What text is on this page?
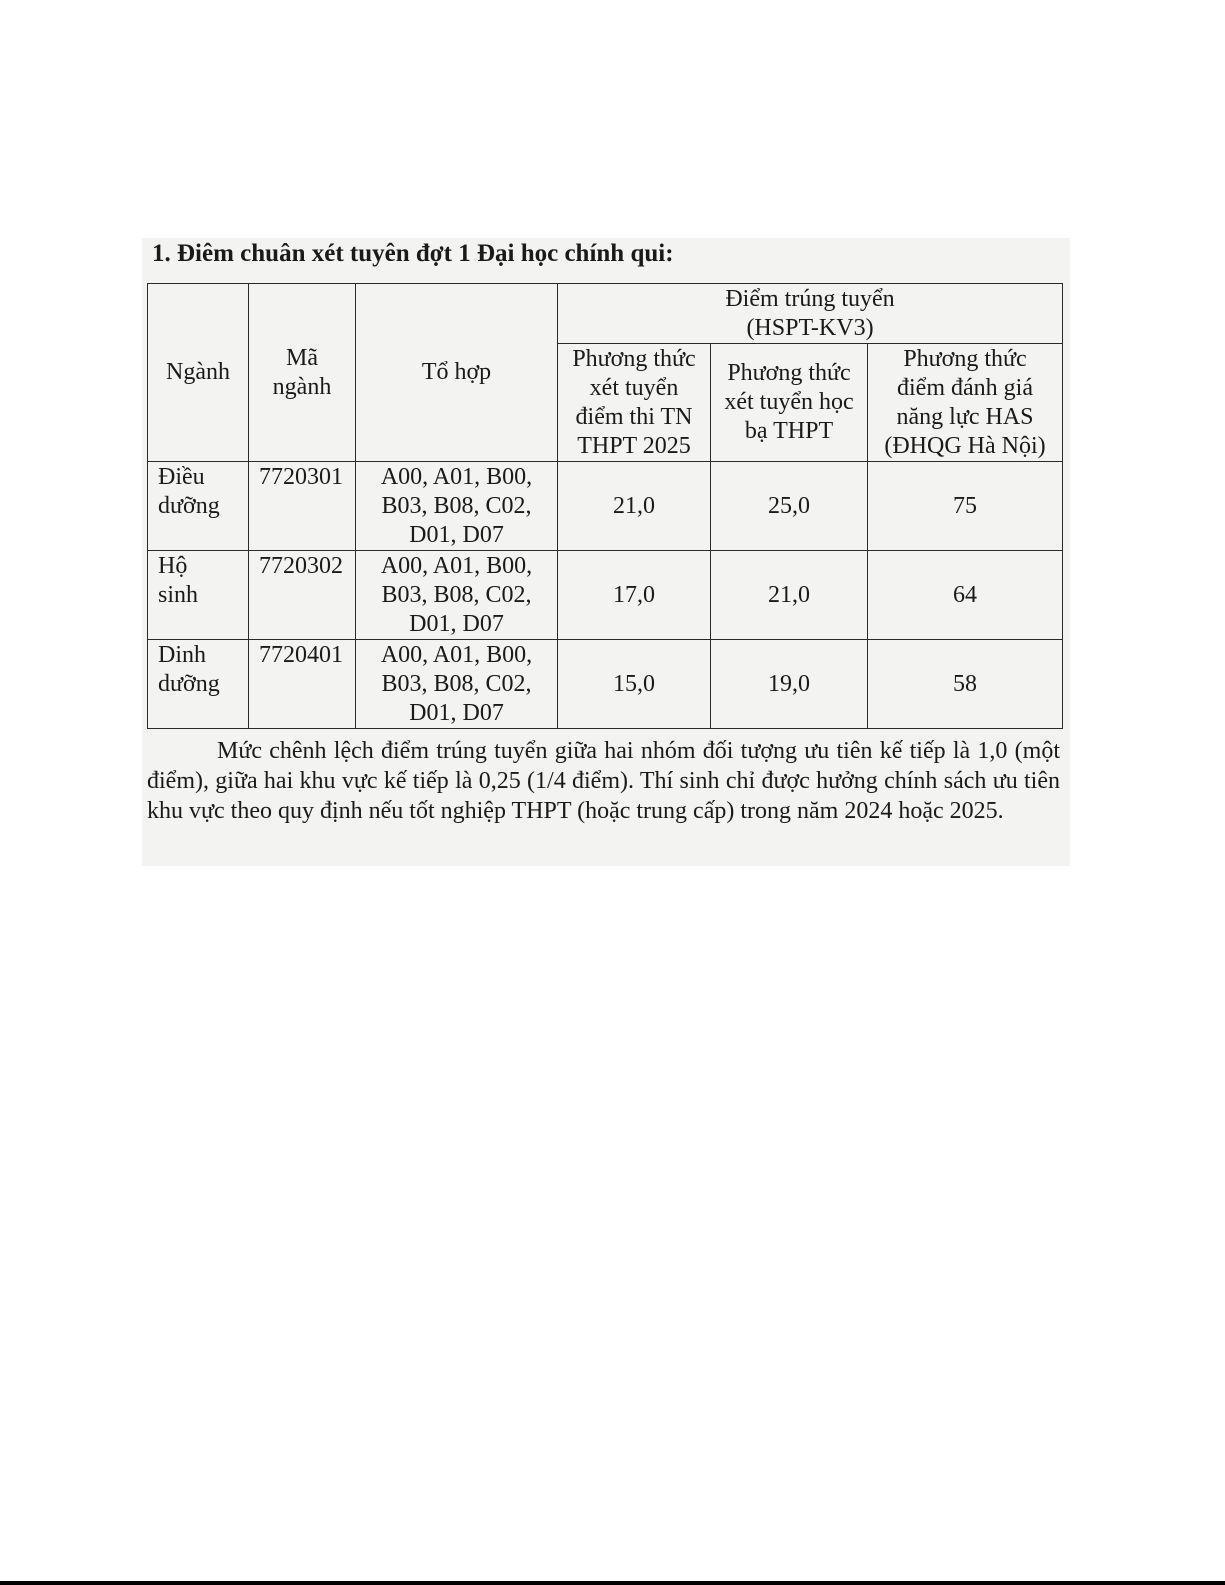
1. Điêm chuân xét tuyên đợt 1 Đại học chính qui:
Ngành	Mã
ngành	Tổ hợp	Điểm trúng tuyển
(HSPT-KV3)		
			Phương thức
xét tuyển
điểm thi TN
THPT 2025	Phương thức
xét tuyển học
bạ THPT	Phương thức
điểm đánh giá
năng lực HAS
(ĐHQG Hà Nội)
Điều
dưỡng	7720301	A00, A01, B00,
B03, B08, C02,
D01, D07	21,0	25,0	75
Hộ
sinh	7720302	A00, A01, B00,
B03, B08, C02,
D01, D07	17,0	21,0	64
Dinh
dưỡng	7720401	A00, A01, B00,
B03, B08, C02,
D01, D07	15,0	19,0	58

Mức chênh lệch điểm trúng tuyển giữa hai nhóm đối tượng ưu tiên kế tiếp là 1,0 (một điểm), giữa hai khu vực kế tiếp là 0,25 (1/4 điểm). Thí sinh chỉ được hưởng chính sách ưu tiên khu vực theo quy định nếu tốt nghiệp THPT (hoặc trung cấp) trong năm 2024 hoặc 2025.
